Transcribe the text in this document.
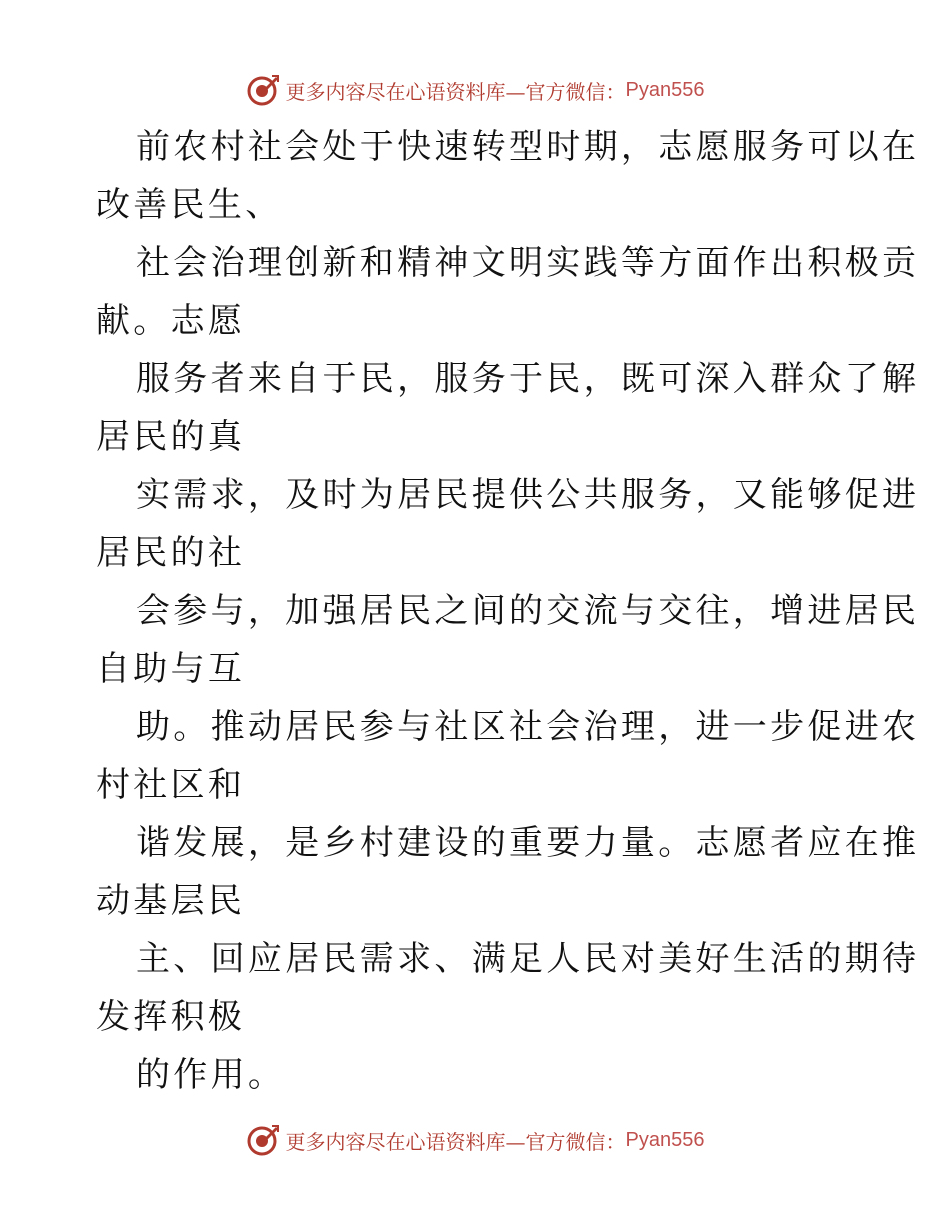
更多内容尽在心语资料库—官方微信： Pyan556

前农村社会处于快速转型时期，志愿服务可以在
改善民生、

社会治理创新和精神文明实践等方面作出积极贡
献。志愿

服务者来自于民，服务于民，既可深入群众了解
居民的真

实需求，及时为居民提供公共服务，又能够促进
居民的社

会参与，加强居民之间的交流与交往，增进居民
自助与互

助。推动居民参与社区社会治理，进一步促进农
村社区和

谐发展，是乡村建设的重要力量。志愿者应在推
动基层民

主、回应居民需求、满足人民对美好生活的期待
发挥积极

的作用。

更多内容尽在心语资料库—官方微信： Pyan556
